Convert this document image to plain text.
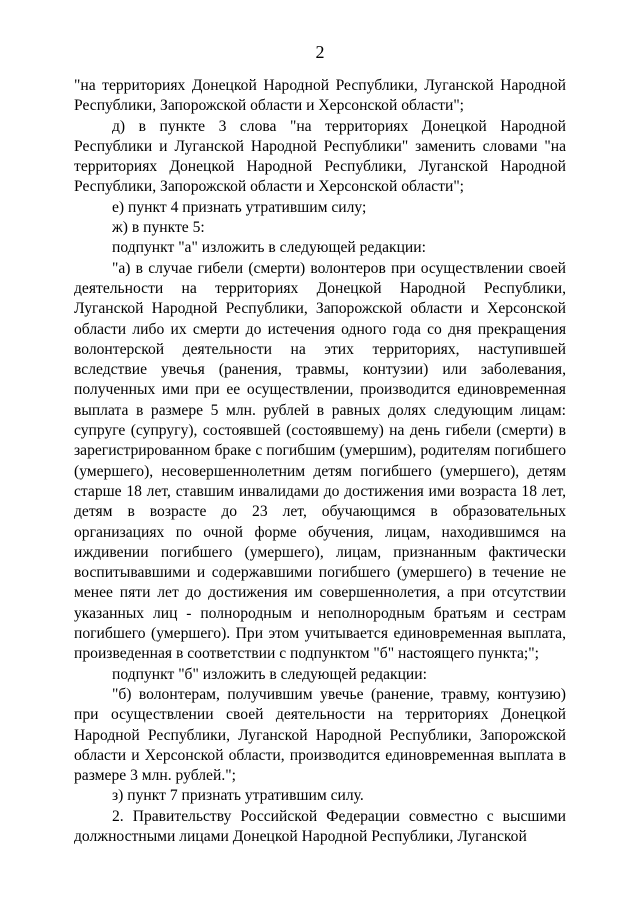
2

"на территориях Донецкой Народной Республики, Луганской Народной Республики, Запорожской области и Херсонской области";

д) в пункте 3 слова "на территориях Донецкой Народной Республики и Луганской Народной Республики" заменить словами "на территориях Донецкой Народной Республики, Луганской Народной Республики, Запорожской области и Херсонской области";

е) пункт 4 признать утратившим силу;

ж) в пункте 5:

подпункт "а" изложить в следующей редакции:

"а) в случае гибели (смерти) волонтеров при осуществлении своей деятельности на территориях Донецкой Народной Республики, Луганской Народной Республики, Запорожской области и Херсонской области либо их смерти до истечения одного года со дня прекращения волонтерской деятельности на этих территориях, наступившей вследствие увечья (ранения, травмы, контузии) или заболевания, полученных ими при ее осуществлении, производится единовременная выплата в размере 5 млн. рублей в равных долях следующим лицам: супруге (супругу), состоявшей (состоявшему) на день гибели (смерти) в зарегистрированном браке с погибшим (умершим), родителям погибшего (умершего), несовершеннолетним детям погибшего (умершего), детям старше 18 лет, ставшим инвалидами до достижения ими возраста 18 лет, детям в возрасте до 23 лет, обучающимся в образовательных организациях по очной форме обучения, лицам, находившимся на иждивении погибшего (умершего), лицам, признанным фактически воспитывавшими и содержавшими погибшего (умершего) в течение не менее пяти лет до достижения им совершеннолетия, а при отсутствии указанных лиц - полнородным и неполнородным братьям и сестрам погибшего (умершего). При этом учитывается единовременная выплата, произведенная в соответствии с подпунктом "б" настоящего пункта;";

подпункт "б" изложить в следующей редакции:

"б) волонтерам, получившим увечье (ранение, травму, контузию) при осуществлении своей деятельности на территориях Донецкой Народной Республики, Луганской Народной Республики, Запорожской области и Херсонской области, производится единовременная выплата в размере 3 млн. рублей.";

з) пункт 7 признать утратившим силу.

2. Правительству Российской Федерации совместно с высшими должностными лицами Донецкой Народной Республики, Луганской
